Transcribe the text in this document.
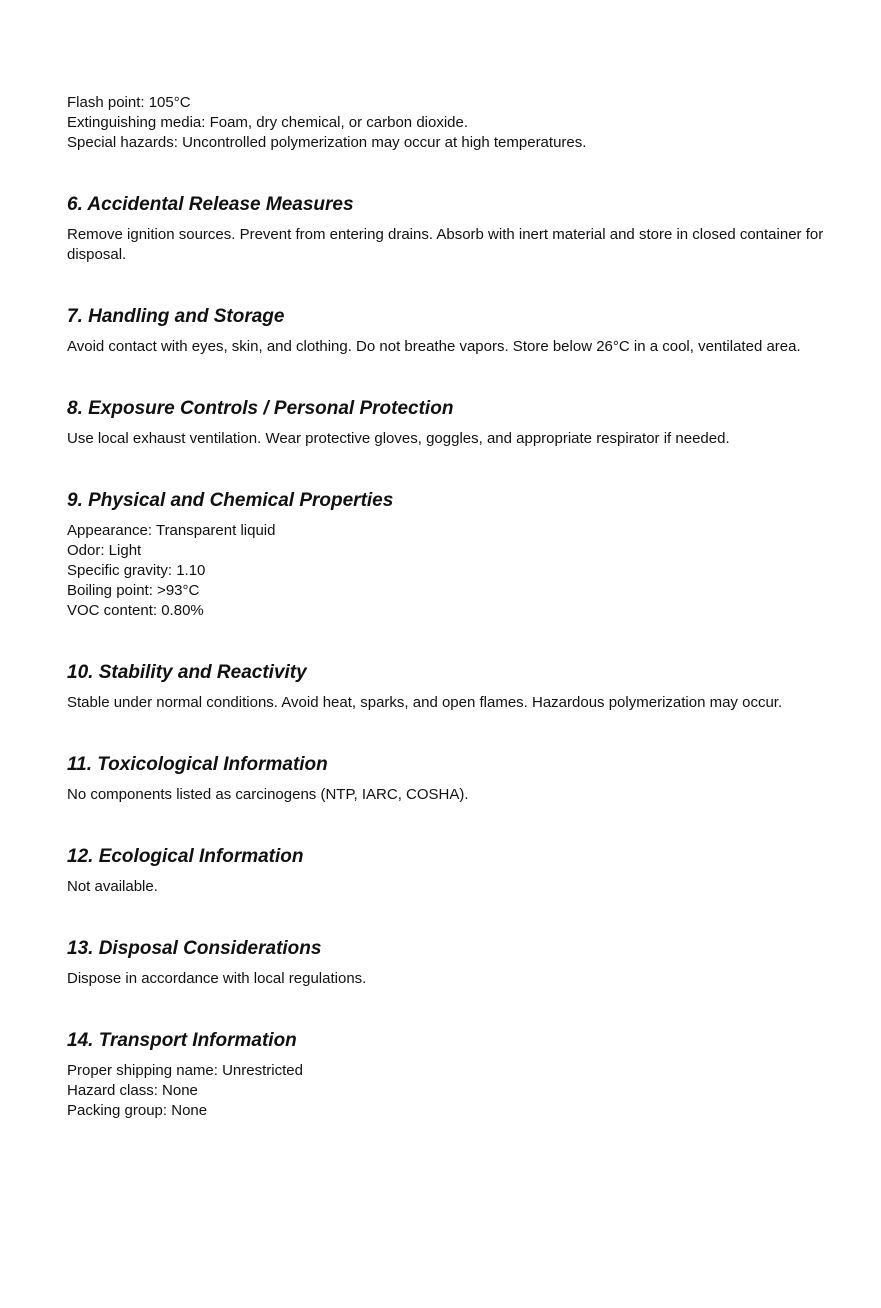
Flash point: 105°C

Extinguishing media: Foam, dry chemical, or carbon dioxide.

Special hazards: Uncontrolled polymerization may occur at high temperatures.

6. Accidental Release Measures

Remove ignition sources. Prevent from entering drains. Absorb with inert material and store in closed container for disposal.

7. Handling and Storage

Avoid contact with eyes, skin, and clothing. Do not breathe vapors. Store below 26°C in a cool, ventilated area.

8. Exposure Controls / Personal Protection

Use local exhaust ventilation. Wear protective gloves, goggles, and appropriate respirator if needed.

9. Physical and Chemical Properties

Appearance: Transparent liquid

Odor: Light

Specific gravity: 1.10

Boiling point: >93°C

VOC content: 0.80%

10. Stability and Reactivity

Stable under normal conditions. Avoid heat, sparks, and open flames. Hazardous polymerization may occur.

11. Toxicological Information

No components listed as carcinogens (NTP, IARC, COSHA).

12. Ecological Information

Not available.

13. Disposal Considerations

Dispose in accordance with local regulations.

14. Transport Information

Proper shipping name: Unrestricted

Hazard class: None

Packing group: None
